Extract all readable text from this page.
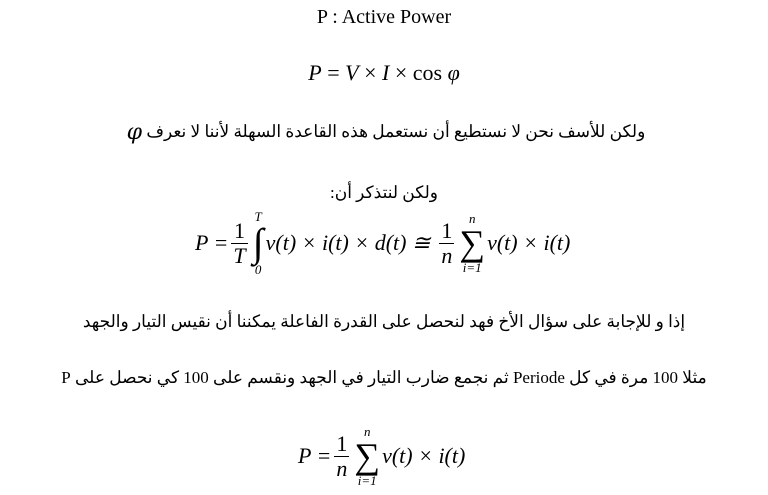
P : Active Power
P = V × I × cos φ
ولكن للأسف نحن لا نستطيع أن نستعمل هذه القاعدة السهلة لأننا لا نعرف φ
ولكن لنتذكر أن:
$P = \frac{1}{T}$
T
∫
0
v(t) × i(t) × d(t) ≅ $\frac{1}{n}$
n
∑
i=1
v(t) × i(t)
إذا و للإجابة على سؤال الأخ فهد لنحصل على القدرة الفاعلة يمكننا أن نقيس التيار والجهد
مثلا 100 مرة في كل Periode ثم نجمع ضارب التيار في الجهد ونقسم على 100 كي نحصل على P
$P = \frac{1}{n}$
n
∑
i=1
v(t) × i(t)
